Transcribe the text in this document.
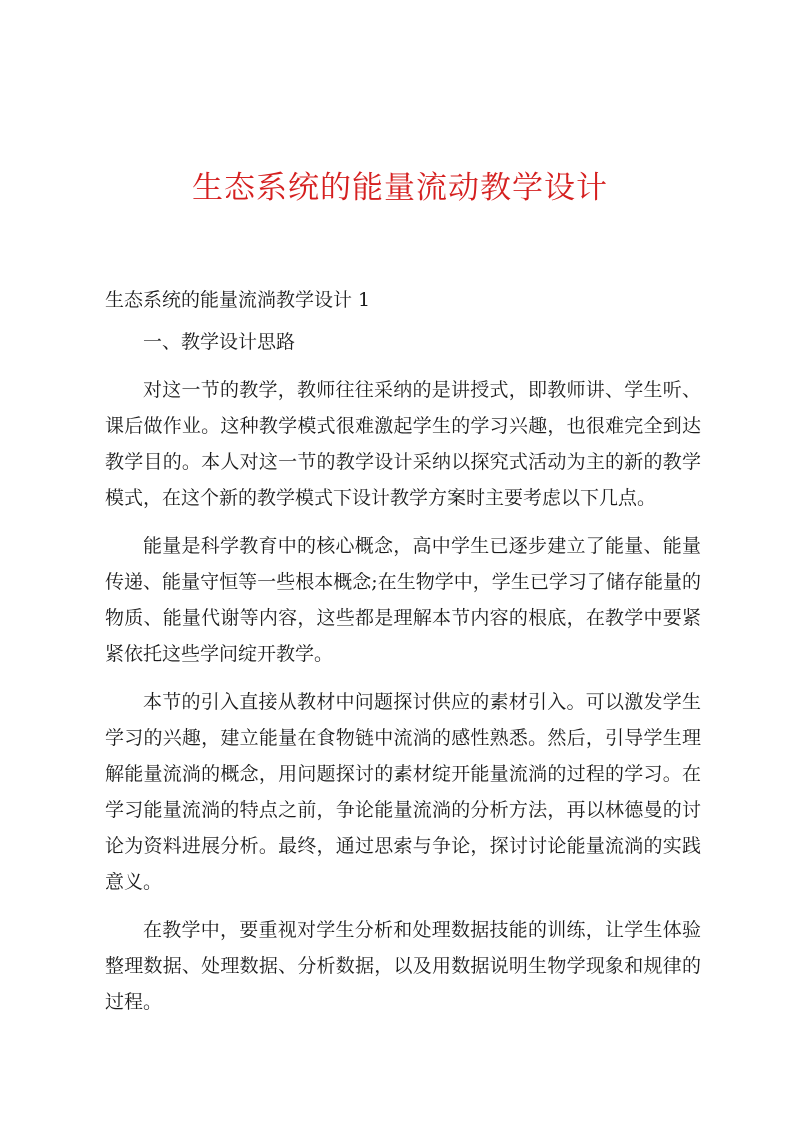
生态系统的能量流动教学设计

生态系统的能量流淌教学设计 1

一、教学设计思路

对这一节的教学，教师往往采纳的是讲授式，即教师讲、学生听、课后做作业。这种教学模式很难激起学生的学习兴趣，也很难完全到达教学目的。本人对这一节的教学设计采纳以探究式活动为主的新的教学模式，在这个新的教学模式下设计教学方案时主要考虑以下几点。

能量是科学教育中的核心概念，高中学生已逐步建立了能量、能量传递、能量守恒等一些根本概念;在生物学中，学生已学习了储存能量的物质、能量代谢等内容，这些都是理解本节内容的根底，在教学中要紧紧依托这些学问绽开教学。

本节的引入直接从教材中问题探讨供应的素材引入。可以激发学生学习的兴趣，建立能量在食物链中流淌的感性熟悉。然后，引导学生理解能量流淌的概念，用问题探讨的素材绽开能量流淌的过程的学习。在学习能量流淌的特点之前，争论能量流淌的分析方法，再以林德曼的讨论为资料进展分析。最终，通过思索与争论，探讨讨论能量流淌的实践意义。

在教学中，要重视对学生分析和处理数据技能的训练，让学生体验整理数据、处理数据、分析数据，以及用数据说明生物学现象和规律的过程。
